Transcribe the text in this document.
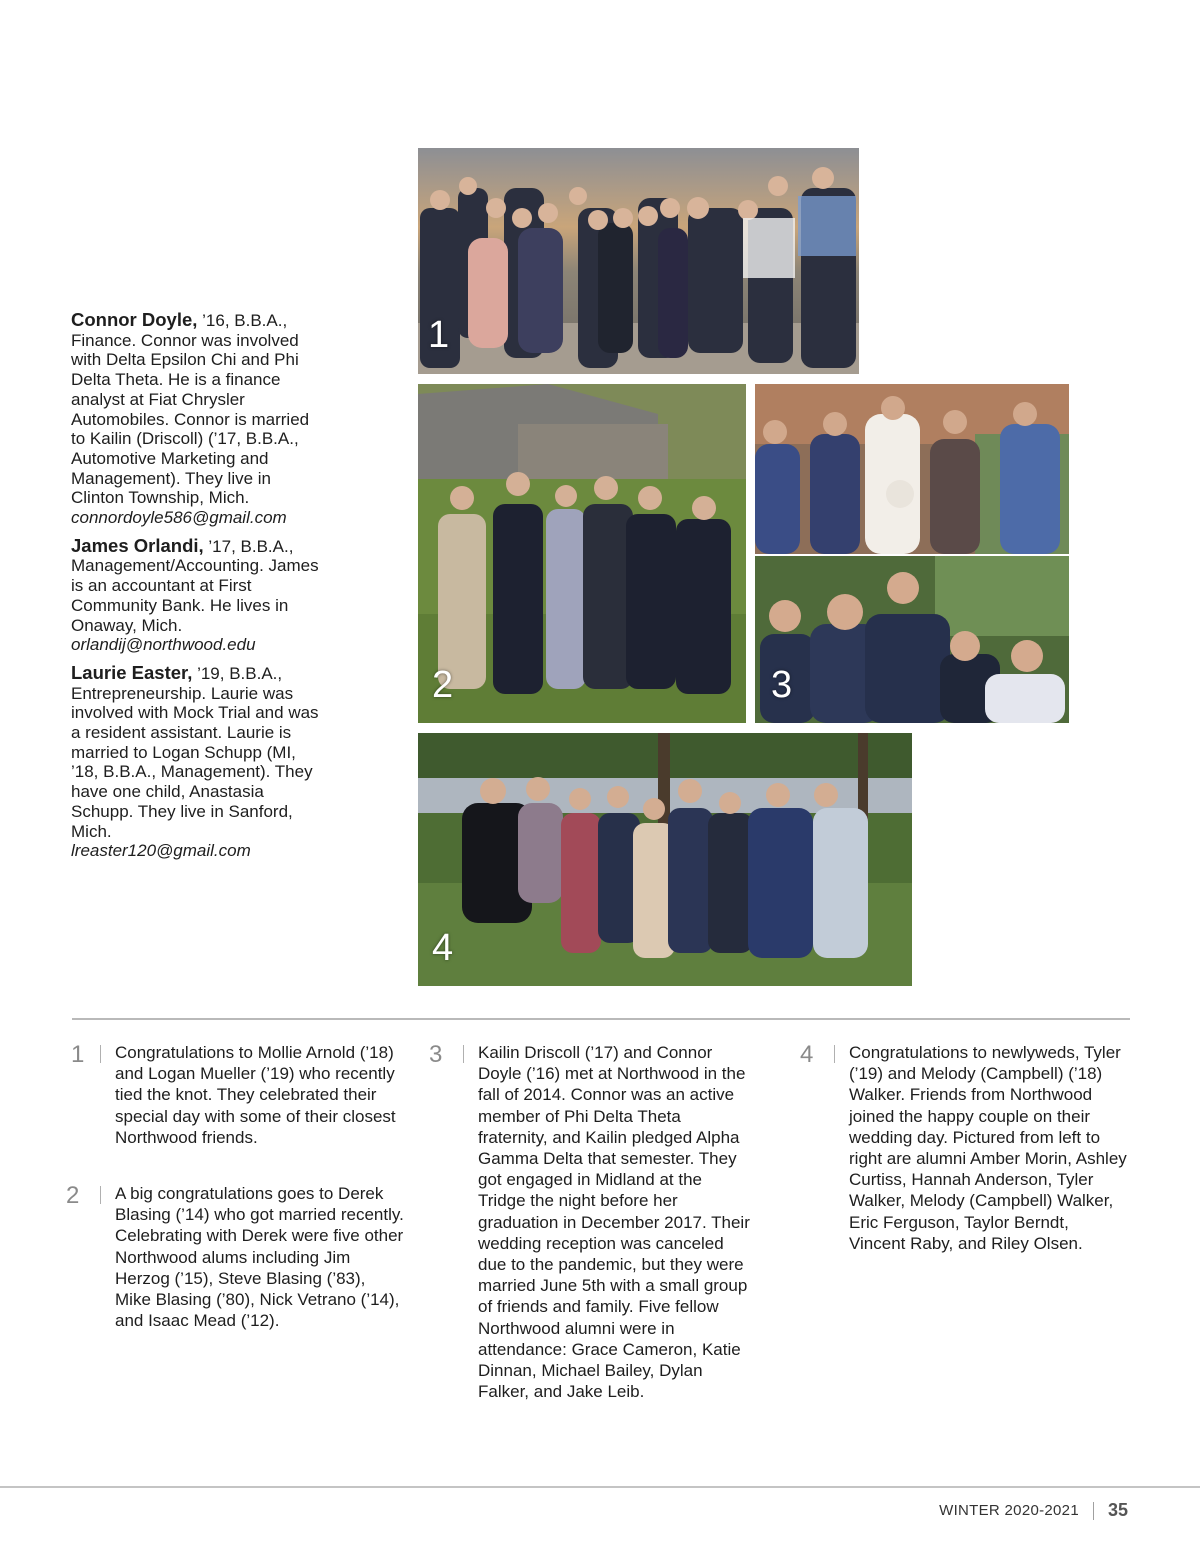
Connor Doyle, ’16, B.B.A., Finance. Connor was involved with Delta Epsilon Chi and Phi Delta Theta. He is a finance analyst at Fiat Chrysler Automobiles. Connor is married to Kailin (Driscoll) (’17, B.B.A., Automotive Marketing and Management). They live in Clinton Township, Mich.
connordoyle586@gmail.com
James Orlandi, ’17, B.B.A., Management/Accounting. James is an accountant at First Community Bank. He lives in Onaway, Mich.
orlandij@northwood.edu
Laurie Easter, ’19, B.B.A., Entrepreneurship. Laurie was involved with Mock Trial and was a resident assistant. Laurie is married to Logan Schupp (MI, ’18, B.B.A., Management). They have one child, Anastasia Schupp. They live in Sanford, Mich.
lreaster120@gmail.com
1
2	3
4
1 Congratulations to Mollie Arnold (’18) and Logan Mueller (’19) who recently tied the knot. They celebrated their special day with some of their closest Northwood friends.
2 A big congratulations goes to Derek Blasing (’14) who got married recently. Celebrating with Derek were five other Northwood alums including Jim Herzog (’15), Steve Blasing (’83), Mike Blasing (’80), Nick Vetrano (’14), and Isaac Mead (’12).
3 Kailin Driscoll (’17) and Connor Doyle (’16) met at Northwood in the fall of 2014. Connor was an active member of Phi Delta Theta fraternity, and Kailin pledged Alpha Gamma Delta that semester. They got engaged in Midland at the Tridge the night before her graduation in December 2017. Their wedding reception was canceled due to the pandemic, but they were married June 5th with a small group of friends and family. Five fellow Northwood alumni were in attendance: Grace Cameron, Katie Dinnan, Michael Bailey, Dylan Falker, and Jake Leib.
4 Congratulations to newlyweds, Tyler (’19) and Melody (Campbell) (’18) Walker. Friends from Northwood joined the happy couple on their wedding day. Pictured from left to right are alumni Amber Morin, Ashley Curtiss, Hannah Anderson, Tyler Walker, Melody (Campbell) Walker, Eric Ferguson, Taylor Berndt, Vincent Raby, and Riley Olsen.
WINTER 2020-2021 35
